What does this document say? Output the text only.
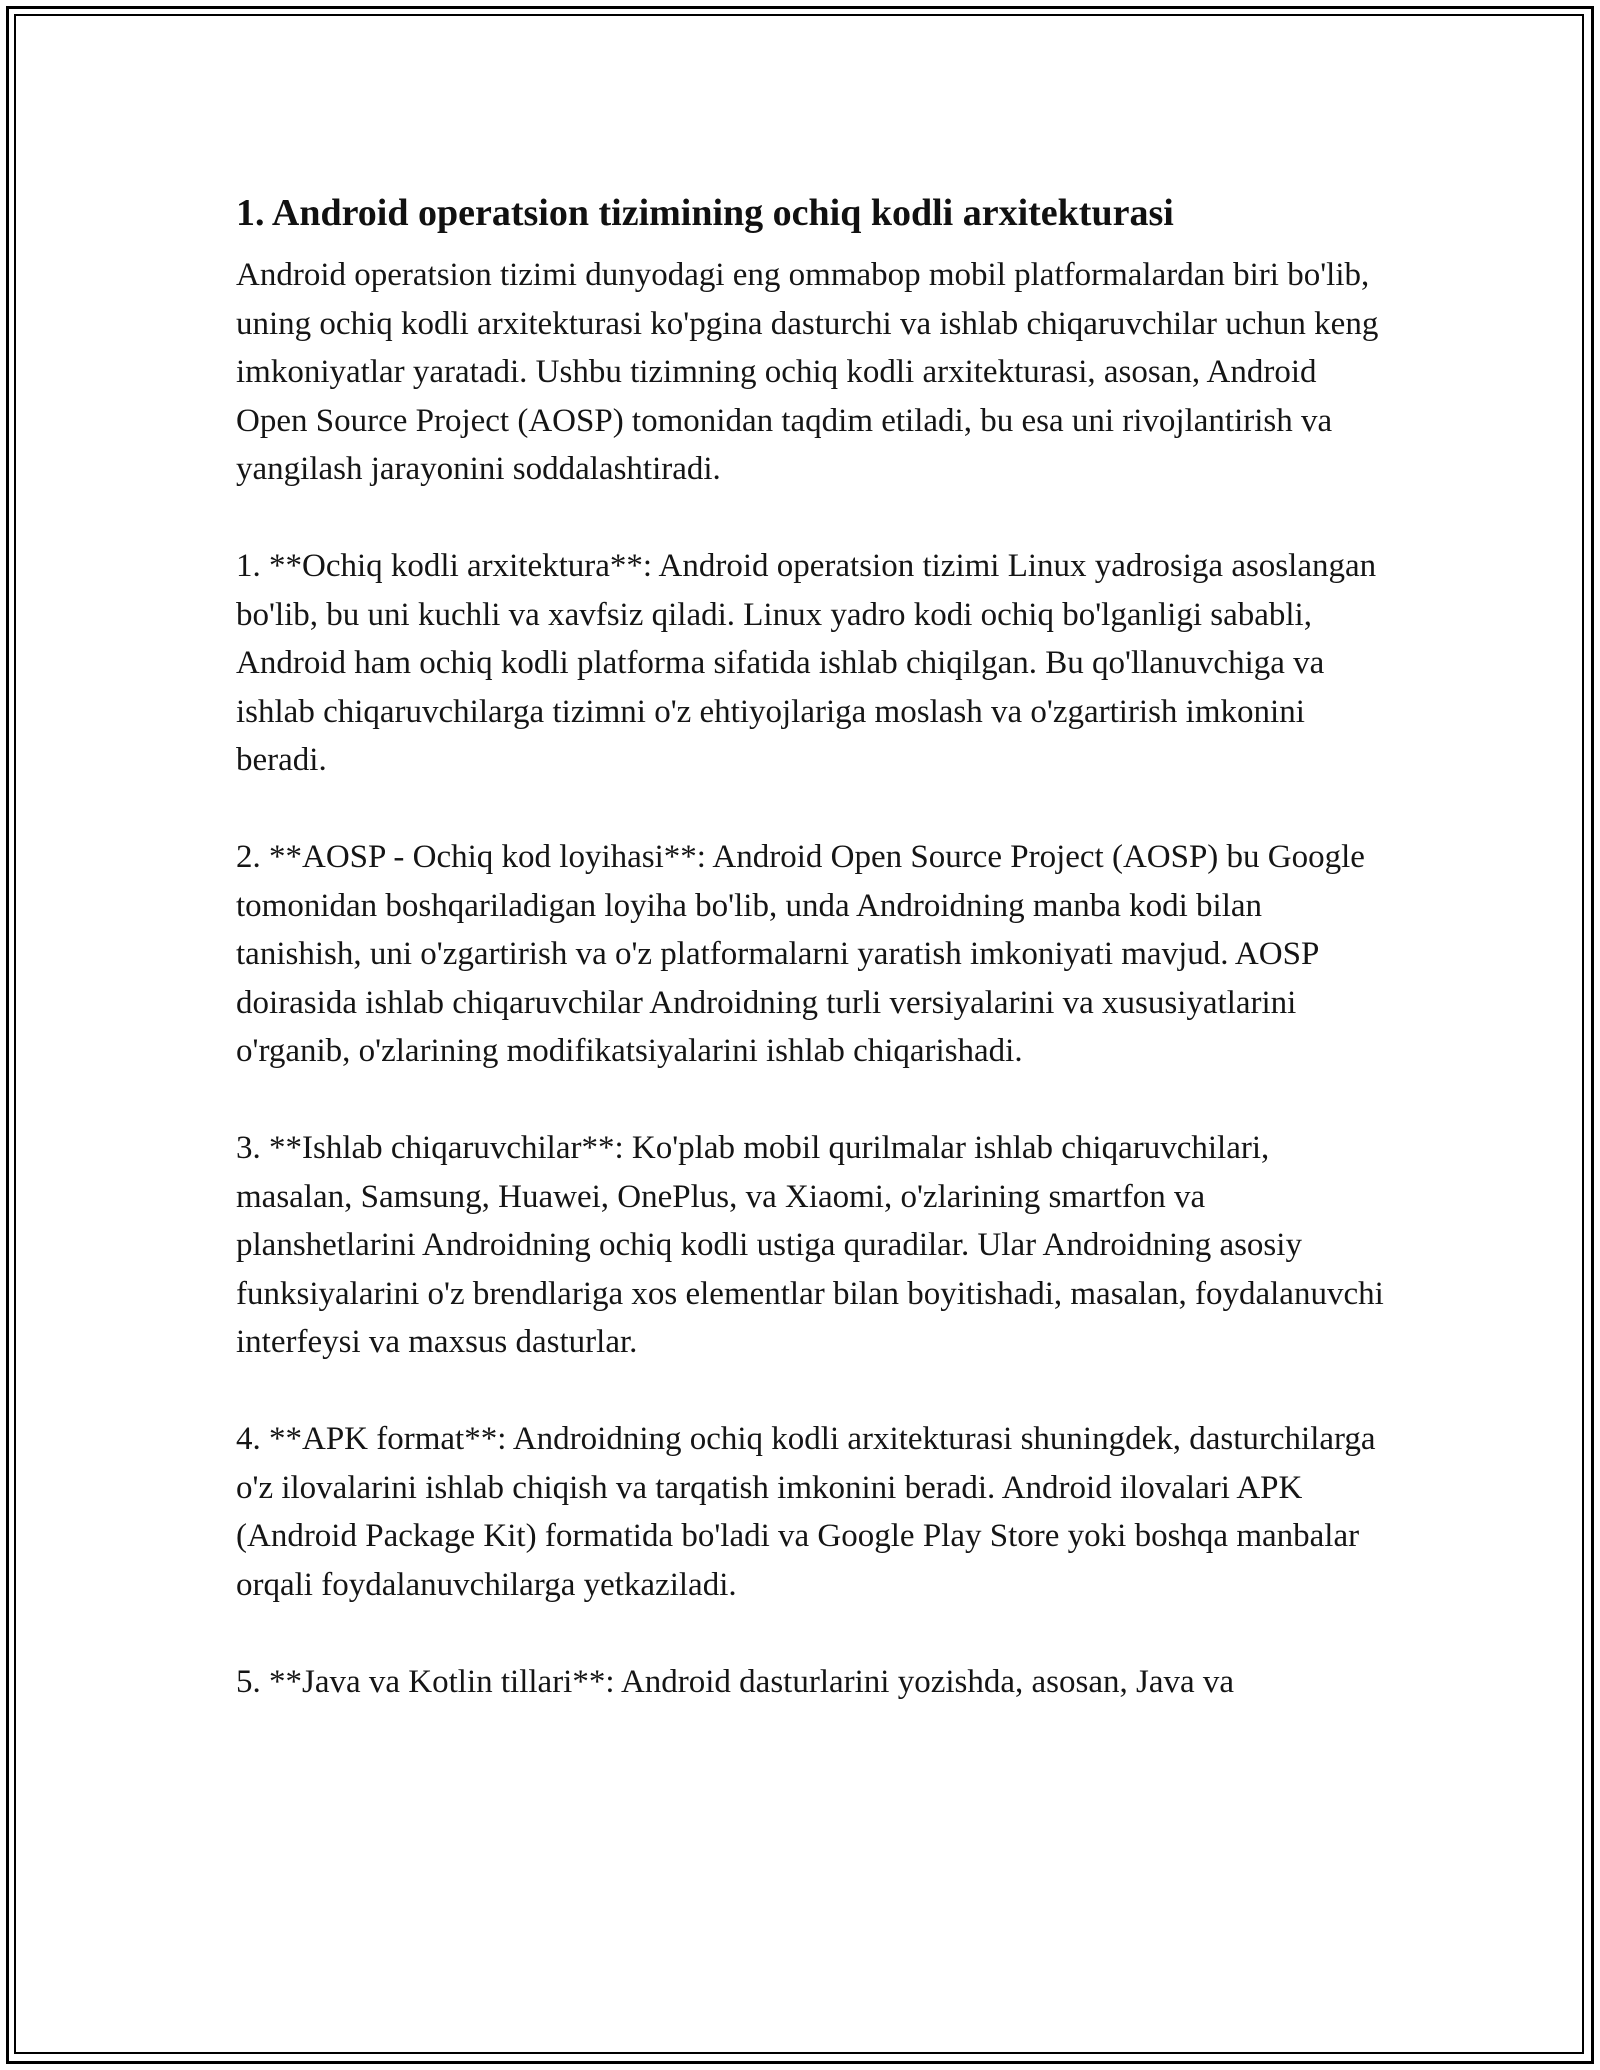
1. Android operatsion tizimining ochiq kodli arxitekturasi

Android operatsion tizimi dunyodagi eng ommabop mobil platformalardan biri bo'lib, uning ochiq kodli arxitekturasi ko'pgina dasturchi va ishlab chiqaruvchilar uchun keng imkoniyatlar yaratadi. Ushbu tizimning ochiq kodli arxitekturasi, asosan, Android Open Source Project (AOSP) tomonidan taqdim etiladi, bu esa uni rivojlantirish va yangilash jarayonini soddalashtiradi.

1. **Ochiq kodli arxitektura**: Android operatsion tizimi Linux yadrosiga asoslangan bo'lib, bu uni kuchli va xavfsiz qiladi. Linux yadro kodi ochiq bo'lganligi sababli, Android ham ochiq kodli platforma sifatida ishlab chiqilgan. Bu qo'llanuvchiga va ishlab chiqaruvchilarga tizimni o'z ehtiyojlariga moslash va o'zgartirish imkonini beradi.

2. **AOSP - Ochiq kod loyihasi**: Android Open Source Project (AOSP) bu Google tomonidan boshqariladigan loyiha bo'lib, unda Androidning manba kodi bilan tanishish, uni o'zgartirish va o'z platformalarni yaratish imkoniyati mavjud. AOSP doirasida ishlab chiqaruvchilar Androidning turli versiyalarini va xususiyatlarini o'rganib, o'zlarining modifikatsiyalarini ishlab chiqarishadi.

3. **Ishlab chiqaruvchilar**: Ko'plab mobil qurilmalar ishlab chiqaruvchilari, masalan, Samsung, Huawei, OnePlus, va Xiaomi, o'zlarining smartfon va planshetlarini Androidning ochiq kodli ustiga quradilar. Ular Androidning asosiy funksiyalarini o'z brendlariga xos elementlar bilan boyitishadi, masalan, foydalanuvchi interfeysi va maxsus dasturlar.

4. **APK format**: Androidning ochiq kodli arxitekturasi shuningdek, dasturchilarga o'z ilovalarini ishlab chiqish va tarqatish imkonini beradi. Android ilovalari APK (Android Package Kit) formatida bo'ladi va Google Play Store yoki boshqa manbalar orqali foydalanuvchilarga yetkaziladi.

5. **Java va Kotlin tillari**: Android dasturlarini yozishda, asosan, Java va
